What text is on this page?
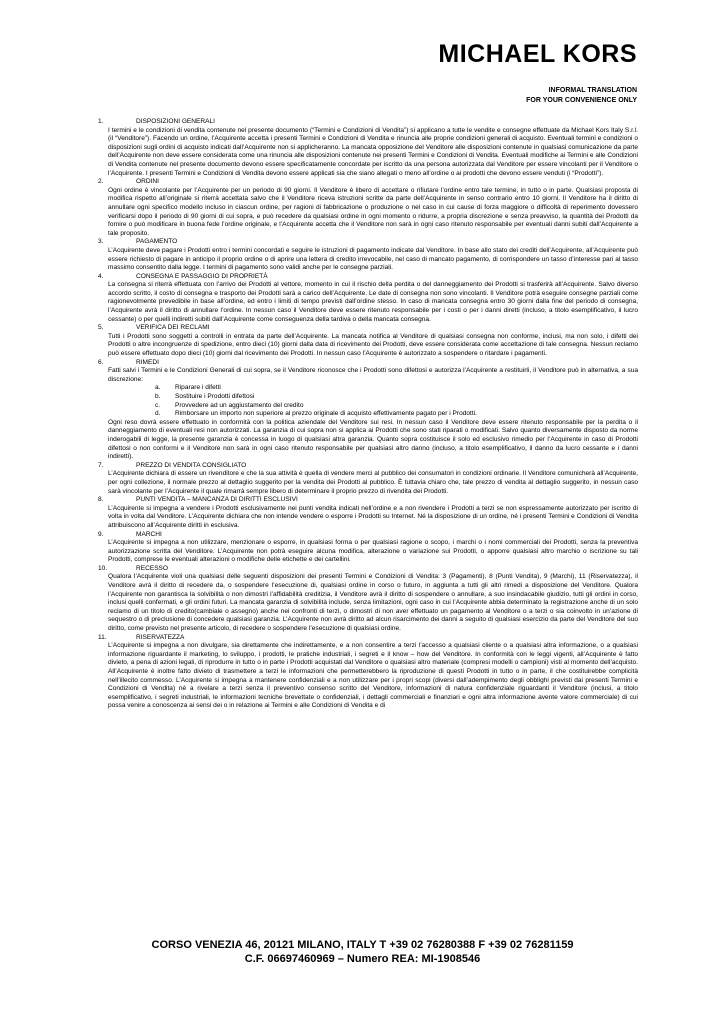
MICHAEL KORS
INFORMAL TRANSLATION
FOR YOUR CONVENIENCE ONLY
1.	DISPOSIZIONI GENERALI

I termini e le condizioni di vendita contenute nel presente documento (“Termini e Condizioni di Vendita”) si applicano a tutte le vendite e consegne effettuate da Michael Kors Italy S.r.l. (il “Venditore”). Facendo un ordine, l’Acquirente accetta i presenti Termini e Condizioni di Vendita e rinuncia alle proprie condizioni generali di acquisto. Eventuali termini e condizioni o disposizioni sugli ordini di acquisto indicati dall’Acquirente non si applicheranno. La mancata opposizione del Venditore alle disposizioni contenute in qualsiasi comunicazione da parte dell’Acquirente non deve essere considerata come una rinuncia alle disposizioni contenute nei presenti Termini e Condizioni di Vendita. Eventuali modifiche ai Termini e alle Condizioni di Vendita contenute nel presente documento devono essere specificatamente concordate per iscritto da una persona autorizzata dal Venditore per essere vincolanti per il Venditore o l’Acquirente. I presenti Termini e Condizioni di Vendita devono essere applicati sia che siano allegati o meno all’ordine o ai prodotti che devono essere venduti (i “Prodotti”).

2.	ORDINI

Ogni ordine è vincolante per l’Acquirente per un periodo di 90 giorni. Il Venditore è libero di accettare o rifiutare l’ordine entro tale termine, in tutto o in parte. Qualsiasi proposta di modifica rispetto all’originale si riterrà accettata salvo che il Venditore riceva istruzioni scritte da parte dell’Acquirente in senso contrario entro 10 giorni. Il Venditore ha il diritto di annullare ogni specifico modello incluso in ciascun ordine, per ragioni di fabbricazione o produzione o nel caso in cui cause di forza maggiore o difficoltà di reperimento dovessero verificarsi dopo il periodo di 90 giorni di cui sopra, e può recedere da qualsiasi ordine in ogni momento o ridurre, a propria discrezione e senza preavviso, la quantità dei Prodotti da fornire o può modificare in buona fede l’ordine originale, e l’Acquirente accetta che il Venditore non sarà in ogni caso ritenuto responsabile per eventuali danni subiti dall’Acquirente a tale proposito.

3.	PAGAMENTO

L’Acquirente deve pagare i Prodotti entro i termini concordati e seguire le istruzioni di pagamento indicate dal Venditore. In base allo stato dei crediti dell’Acquirente, all’Acquirente può essere richiesto di pagare in anticipo il proprio ordine o di aprire una lettera di credito irrevocabile, nel caso di mancato pagamento, di corrispondere un tasso d’interesse pari al tasso massimo consentito dalla legge. I termini di pagamento sono validi anche per le consegne parziali.

4.	CONSEGNA E PASSAGGIO DI PROPRIETÀ

La consegna si riterrà effettuata con l’arrivo dei Prodotti al vettore, momento in cui il rischio della perdita o del danneggiamento dei Prodotti si trasferirà all’Acquirente. Salvo diverso accordo scritto, il costo di consegna e trasporto dei Prodotti sarà a carico dell’Acquirente. Le date di consegna non sono vincolanti. Il Venditore potrà eseguire consegne parziali come ragionevolmente prevedibile in base all’ordine, ed entro i limiti di tempo previsti dall’ordine stesso. In caso di mancata consegna entro 30 giorni dalla fine del periodo di consegna, l’Acquirente avrà il diritto di annullare l’ordine. In nessun caso il Venditore deve essere ritenuto responsabile per i costi o per i danni diretti (incluso, a titolo esemplificativo, il lucro cessante) o per quelli indiretti subiti dall’Acquirente come conseguenza della tardiva o della mancata consegna.

5.	VERIFICA DEI RECLAMI

Tutti i Prodotti sono soggetti a controlli in entrata da parte dell’Acquirente. La mancata notifica al Venditore di qualsiasi consegna non conforme, inclusi, ma non solo, i difetti dei Prodotti o altre incongruenze di spedizione, entro dieci (10) giorni dalla data di ricevimento dei Prodotti, deve essere considerata come accettazione di tale consegna. Nessun reclamo può essere effettuato dopo dieci (10) giorni dal ricevimento dei Prodotti. In nessun caso l’Acquirente è autorizzato a sospendere o ritardare i pagamenti.

6.	RIMEDI

Fatti salvi i Termini e le Condizioni Generali di cui sopra, se il Venditore riconosce che i Prodotti sono difettosi e autorizza l’Acquirente a restituirli, il Venditore può in alternativa, a sua discrezione:

a. Riparare i difetti
b. Sostituire i Prodotti difettosi
c. Provvedere ad un aggiustamento del credito
d. Rimborsare un importo non superiore al prezzo originale di acquisto effettivamente pagato per i Prodotti.

Ogni reso dovrà essere effettuato in conformità con la politica aziendale del Venditore sui resi. In nessun caso il Venditore deve essere ritenuto responsabile per la perdita o il danneggiamento di eventuali resi non autorizzati. La garanzia di cui sopra non si applica ai Prodotti che sono stati riparati o modificati. Salvo quanto diversamente disposto da norme inderogabili di legge, la presente garanzia è concessa in luogo di qualsiasi altra garanzia. Quanto sopra costituisce il solo ed esclusivo rimedio per l’Acquirente in caso di Prodotti difettosi o non conformi e il Venditore non sarà in ogni caso ritenuto responsabile per qualsiasi altro danno (incluso, a titolo esemplificativo, il danno da lucro cessante e i danni indiretti).

7.	PREZZO DI VENDITA CONSIGLIATO

L’Acquirente dichiara di essere un rivenditore e che la sua attività è quella di vendere merci al pubblico dei consumatori in condizioni ordinarie. Il Venditore comunicherà all’Acquirente, per ogni collezione, il normale prezzo al dettaglio suggerito per la vendita dei Prodotti al pubblico. È tuttavia chiaro che, tale prezzo di vendita al dettaglio suggerito, in nessun caso sarà vincolante per l’Acquirente il quale rimarrà sempre libero di determinare il proprio prezzo di rivendita dei Prodotti.

8.	PUNTI VENDITA – MANCANZA DI DIRITTI ESCLUSIVI

L’Acquirente si impegna a vendere i Prodotti esclusivamente nei punti vendita indicati nell’ordine e a non rivendere i Prodotti a terzi se non espressamente autorizzato per iscritto di volta in volta dal Venditore. L’Acquirente dichiara che non intende vendere o esporre i Prodotti su Internet. Né la disposizione di un ordine, né i presenti Termini e Condizioni di Vendita attribuiscono all’Acquirente diritti in esclusiva.

9.	MARCHI

L’Acquirente si impegna a non utilizzare, menzionare o esporre, in qualsiasi forma o per qualsiasi ragione o scopo, i marchi o i nomi commerciali dei Prodotti, senza la preventiva autorizzazione scritta del Venditore. L’Acquirente non potrà eseguire alcuna modifica, alterazione o variazione sui Prodotti, o apporre qualsiasi altro marchio o iscrizione su tali Prodotti, comprese le eventuali alterazioni o modifiche delle etichette e dei cartellini.

10.	RECESSO

Qualora l’Acquirente violi una qualsiasi delle seguenti disposizioni dei presenti Termini e Condizioni di Vendita: 3 (Pagamenti), 8 (Punti Vendita), 9 (Marchi), 11 (Riservatezza), il Venditore avrà il diritto di recedere da, o sospendere l’esecuzione di, qualsiasi ordine in corso o futuro, in aggiunta a tutti gli altri rimedi a disposizione del Venditore. Qualora l’Acquirente non garantisca la solvibilità o non dimostri l’affidabilità creditizia, il Venditore avrà il diritto di sospendere o annullare, a suo insindacabile giudizio, tutti gli ordini in corso, inclusi quelli confermati, e gli ordini futuri. La mancata garanzia di solvibilità include, senza limitazioni, ogni caso in cui l’Acquirente abbia determinato la registrazione anche di un solo reclamo di un titolo di credito(cambiale o assegno) anche nei confronti di terzi, o dimostri di non aver effettuato un pagamento al Venditore o a terzi o sia coinvolto in un’azione di sequestro o di preclusione di concedere qualsiasi garanzia. L’Acquirente non avrà diritto ad alcun risarcimento dei danni a seguito di qualsiasi esercizio da parte del Venditore del suo diritto, come previsto nel presente articolo, di recedere o sospendere l’esecuzione di qualsiasi ordine.

11.	RISERVATEZZA

L’Acquirente si impegna a non divulgare, sia direttamente che indirettamente, e a non consentire a terzi l’accesso a qualsiasi cliente o a qualsiasi altra informazione, o a qualsiasi informazione riguardante il marketing, lo sviluppo, i prodotti, le pratiche industriali, i segreti e il know – how del Venditore. In conformità con le leggi vigenti, all’Acquirente è fatto divieto, a pena di azioni legali, di riprodurre in tutto o in parte i Prodotti acquistati dal Venditore o qualsiasi altro materiale (compresi modelli o campioni) visti al momento dell’acquisto. All’Acquirente è inoltre fatto divieto di trasmettere a terzi le informazioni che permetterebbero la riproduzione di questi Prodotti in tutto o in parte, il che costituirebbe complicità nell’illecito commesso. L’Acquirente si impegna a mantenere confidenziali e a non utilizzare per i propri scopi (diversi dall’adempimento degli obblighi previsti dai presenti Termini e Condizioni di Vendita) né a rivelare a terzi senza il preventivo consenso scritto del Venditore, informazioni di natura confidenziale riguardanti il Venditore (inclusi, a titolo esemplificativo, i segreti industriali, le informazioni tecniche brevettate o confidenziali, i dettagli commerciali e finanziari e ogni altra informazione avente valore commerciale) di cui possa venire a conoscenza ai sensi dei o in relazione ai Termini e alle Condizioni di Vendita e di

CORSO VENEZIA 46, 20121 MILANO, ITALY T +39 02 76280388 F +39 02 76281159
C.F. 06697460969 – Numero REA: MI-1908546
